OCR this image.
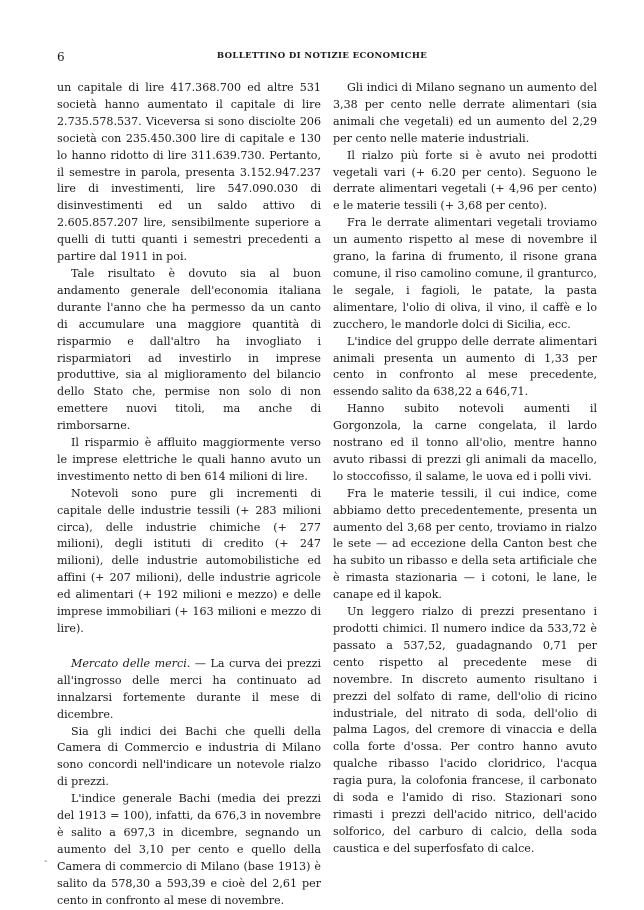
6	BOLLETTINO DI NOTIZIE ECONOMICHE

un capitale di lire 417.368.700 ed altre 531 società hanno aumentato il capitale di lire 2.735.578.537. Viceversa si sono disciolte 206 società con 235.450.300 lire di capitale e 130 lo hanno ridotto di lire 311.639.730. Pertanto, il semestre in parola, presenta 3.152.947.237 lire di investimenti, lire 547.090.030 di disinvestimenti ed un saldo attivo di 2.605.857.207 lire, sensibilmente superiore a quelli di tutti quanti i semestri precedenti a partire dal 1911 in poi.

Tale risultato è dovuto sia al buon andamento generale dell'economia italiana durante l'anno che ha permesso da un canto di accumulare una maggiore quantità di risparmio e dall'altro ha invogliato i risparmiatori ad investirlo in imprese produttive, sia al miglioramento del bilancio dello Stato che, permise non solo di non emettere nuovi titoli, ma anche di rimborsarne.

Il risparmio è affluito maggiormente verso le imprese elettriche le quali hanno avuto un investimento netto di ben 614 milioni di lire.

Notevoli sono pure gli incrementi di capitale delle industrie tessili (+ 283 milioni circa), delle industrie chimiche (+ 277 milioni), degli istituti di credito (+ 247 milioni), delle industrie automobilistiche ed affini (+ 207 milioni), delle industrie agricole ed alimentari (+ 192 milioni e mezzo) e delle imprese immobiliari (+ 163 milioni e mezzo di lire).

Mercato delle merci. — La curva dei prezzi all'ingrosso delle merci ha continuato ad innalzarsi fortemente durante il mese di dicembre.

Sia gli indici dei Bachi che quelli della Camera di Commercio e industria di Milano sono concordi nell'indicare un notevole rialzo di prezzi.

L'indice generale Bachi (media dei prezzi del 1913 = 100), infatti, da 676,3 in novembre è salito a 697,3 in dicembre, segnando un aumento del 3,10 per cento e quello della Camera di commercio di Milano (base 1913) è salito da 578,30 a 593,39 e cioè del 2,61 per cento in confronto al mese di novembre.

Gli indici di Milano segnano un aumento del 3,38 per cento nelle derrate alimentari (sia animali che vegetali) ed un aumento del 2,29 per cento nelle materie industriali.

Il rialzo più forte si è avuto nei prodotti vegetali vari (+ 6.20 per cento). Seguono le derrate alimentari vegetali (+ 4,96 per cento) e le materie tessili (+ 3,68 per cento).

Fra le derrate alimentari vegetali troviamo un aumento rispetto al mese di novembre il grano, la farina di frumento, il risone grana comune, il riso camolino comune, il granturco, le segale, i fagioli, le patate, la pasta alimentare, l'olio di oliva, il vino, il caffè e lo zucchero, le mandorle dolci di Sicilia, ecc.

L'indice del gruppo delle derrate alimentari animali presenta un aumento di 1,33 per cento in confronto al mese precedente, essendo salito da 638,22 a 646,71.

Hanno subito notevoli aumenti il Gorgonzola, la carne congelata, il lardo nostrano ed il tonno all'olio, mentre hanno avuto ribassi di prezzi gli animali da macello, lo stoccofisso, il salame, le uova ed i polli vivi.

Fra le materie tessili, il cui indice, come abbiamo detto precedentemente, presenta un aumento del 3,68 per cento, troviamo in rialzo le sete — ad eccezione della Canton best che ha subito un ribasso e della seta artificiale che è rimasta stazionaria — i cotoni, le lane, le canape ed il kapok.

Un leggero rialzo di prezzi presentano i prodotti chimici. Il numero indice da 533,72 è passato a 537,52, guadagnando 0,71 per cento rispetto al precedente mese di novembre. In discreto aumento risultano i prezzi del solfato di rame, dell'olio di ricino industriale, del nitrato di soda, dell'olio di palma Lagos, del cremore di vinaccia e della colla forte d'ossa. Per contro hanno avuto qualche ribasso l'acido cloridrico, l'acqua ragia pura, la colofonia francese, il carbonato di soda e l'amido di riso. Stazionari sono rimasti i prezzi dell'acido nitrico, dell'acido solforico, del carburo di calcio, della soda caustica e del superfosfato di calce.

-
